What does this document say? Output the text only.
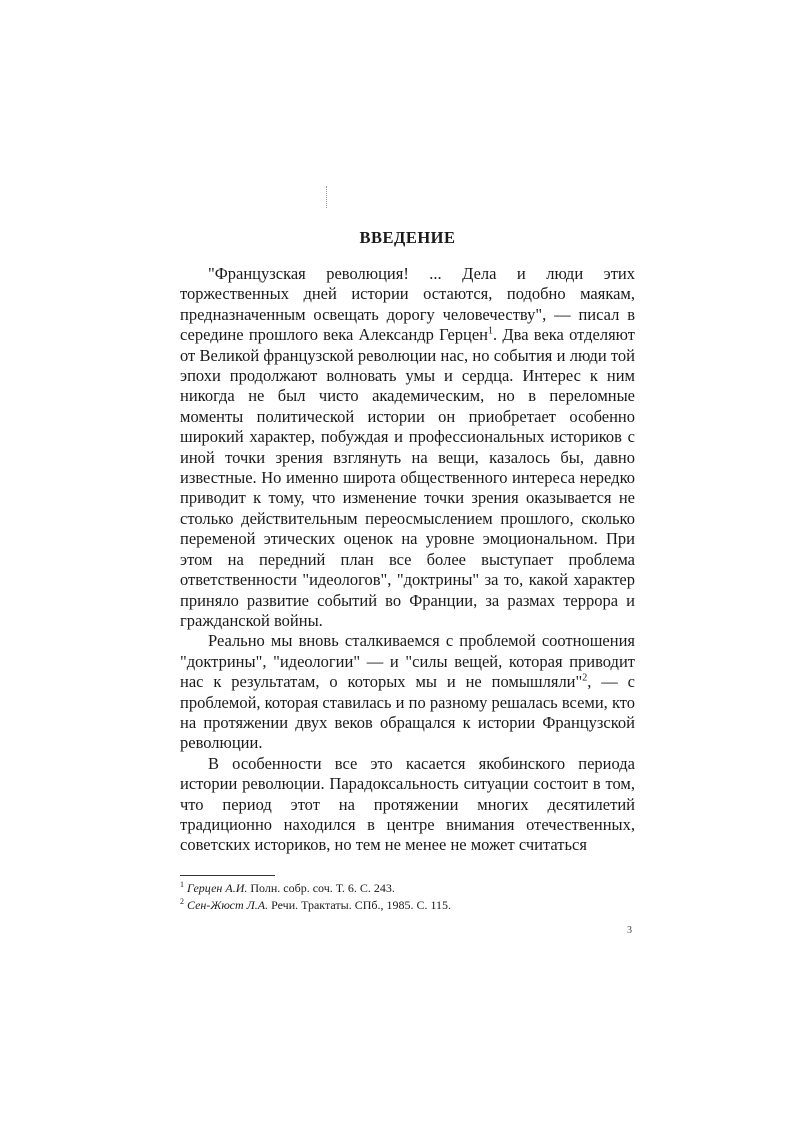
ВВЕДЕНИЕ

"Французская революция! ... Дела и люди этих торжественных дней истории остаются, подобно маякам, предназначенным освещать дорогу человечеству", — писал в середине прошлого века Александр Герцен$^1$. Два века отделяют от Великой французской революции нас, но события и люди той эпохи продолжают волновать умы и сердца. Интерес к ним никогда не был чисто академическим, но в переломные моменты политической истории он приобретает особенно широкий характер, побуждая и профессиональных историков с иной точки зрения взглянуть на вещи, казалось бы, давно известные. Но именно широта общественного интереса нередко приводит к тому, что изменение точки зрения оказывается не столько действительным переосмыслением прошлого, сколько переменой этических оценок на уровне эмоциональном. При этом на передний план все более выступает проблема ответственности "идеологов", "доктрины" за то, какой характер приняло развитие событий во Франции, за размах террора и гражданской войны.

Реально мы вновь сталкиваемся с проблемой соотношения "доктрины", "идеологии" — и "силы вещей, которая приводит нас к результатам, о которых мы и не помышляли"$^2$, — с проблемой, которая ставилась и по разному решалась всеми, кто на протяжении двух веков обращался к истории Французской революции.

В особенности все это касается якобинского периода истории революции. Парадоксальность ситуации состоит в том, что период этот на протяжении многих десятилетий традиционно находился в центре внимания отечественных, советских историков, но тем не менее не может считаться

$^1$ Герцен А.И. Полн. собр. соч. Т. 6. С. 243.

$^2$ Сен-Жюст Л.А. Речи. Трактаты. СПб., 1985. С. 115.

3
